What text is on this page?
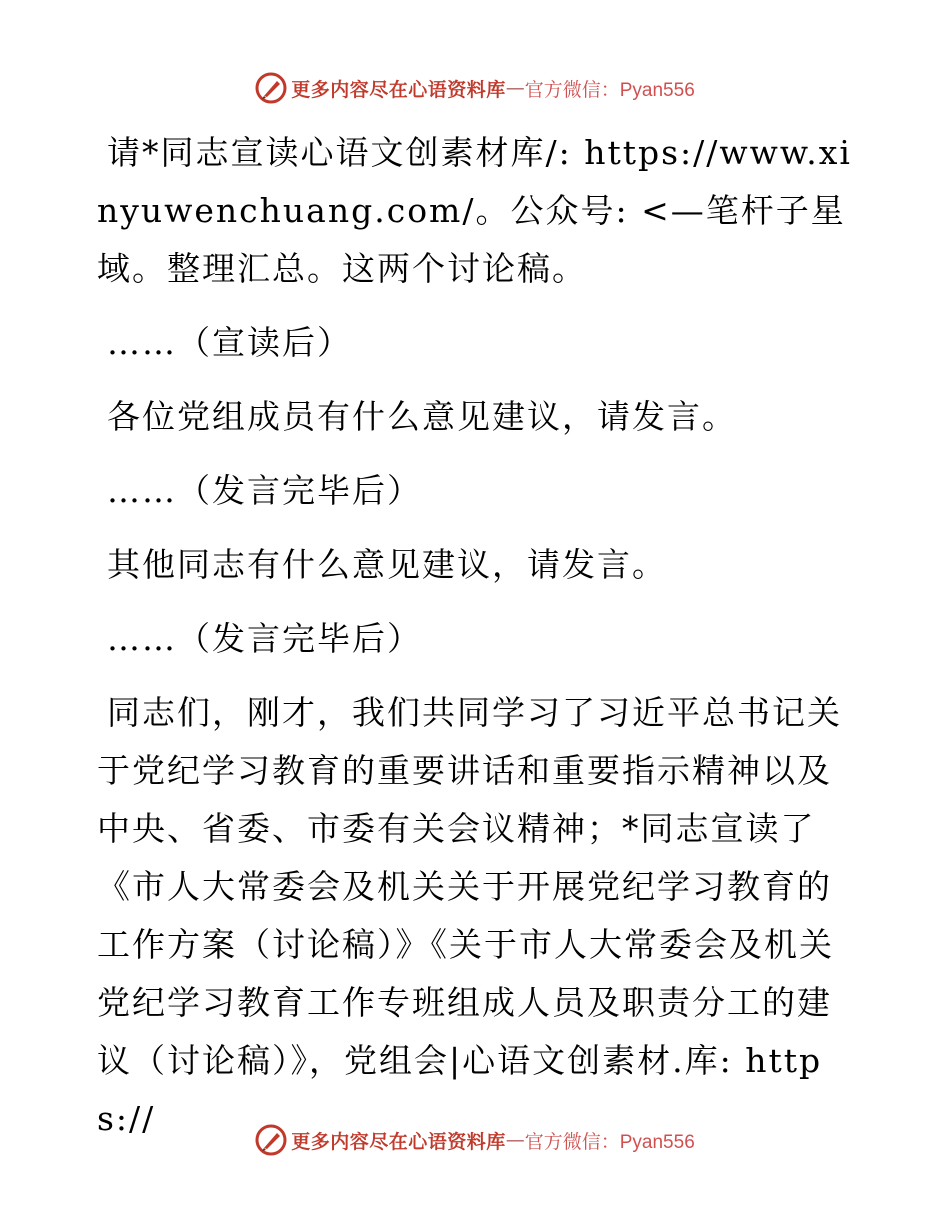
更多内容尽在心语资料库 — 官方微信：Pyan556

请*同志宣读心语文创素材库/: https://www.xinyuwenchuang.com/。公众号: <—笔杆子星域。整理汇总。这两个讨论稿。

……（宣读后）

各位党组成员有什么意见建议，请发言。

……（发言完毕后）

其他同志有什么意见建议，请发言。

……（发言完毕后）

同志们，刚才，我们共同学习了习近平总书记关于党纪学习教育的重要讲话和重要指示精神以及中央、省委、市委有关会议精神；*同志宣读了《市人大常委会及机关关于开展党纪学习教育的工作方案（讨论稿）》《关于市人大常委会及机关党纪学习教育工作专班组成人员及职责分工的建议（讨论稿）》，党组会|心语文创素材.库: https://

更多内容尽在心语资料库 — 官方微信：Pyan556
